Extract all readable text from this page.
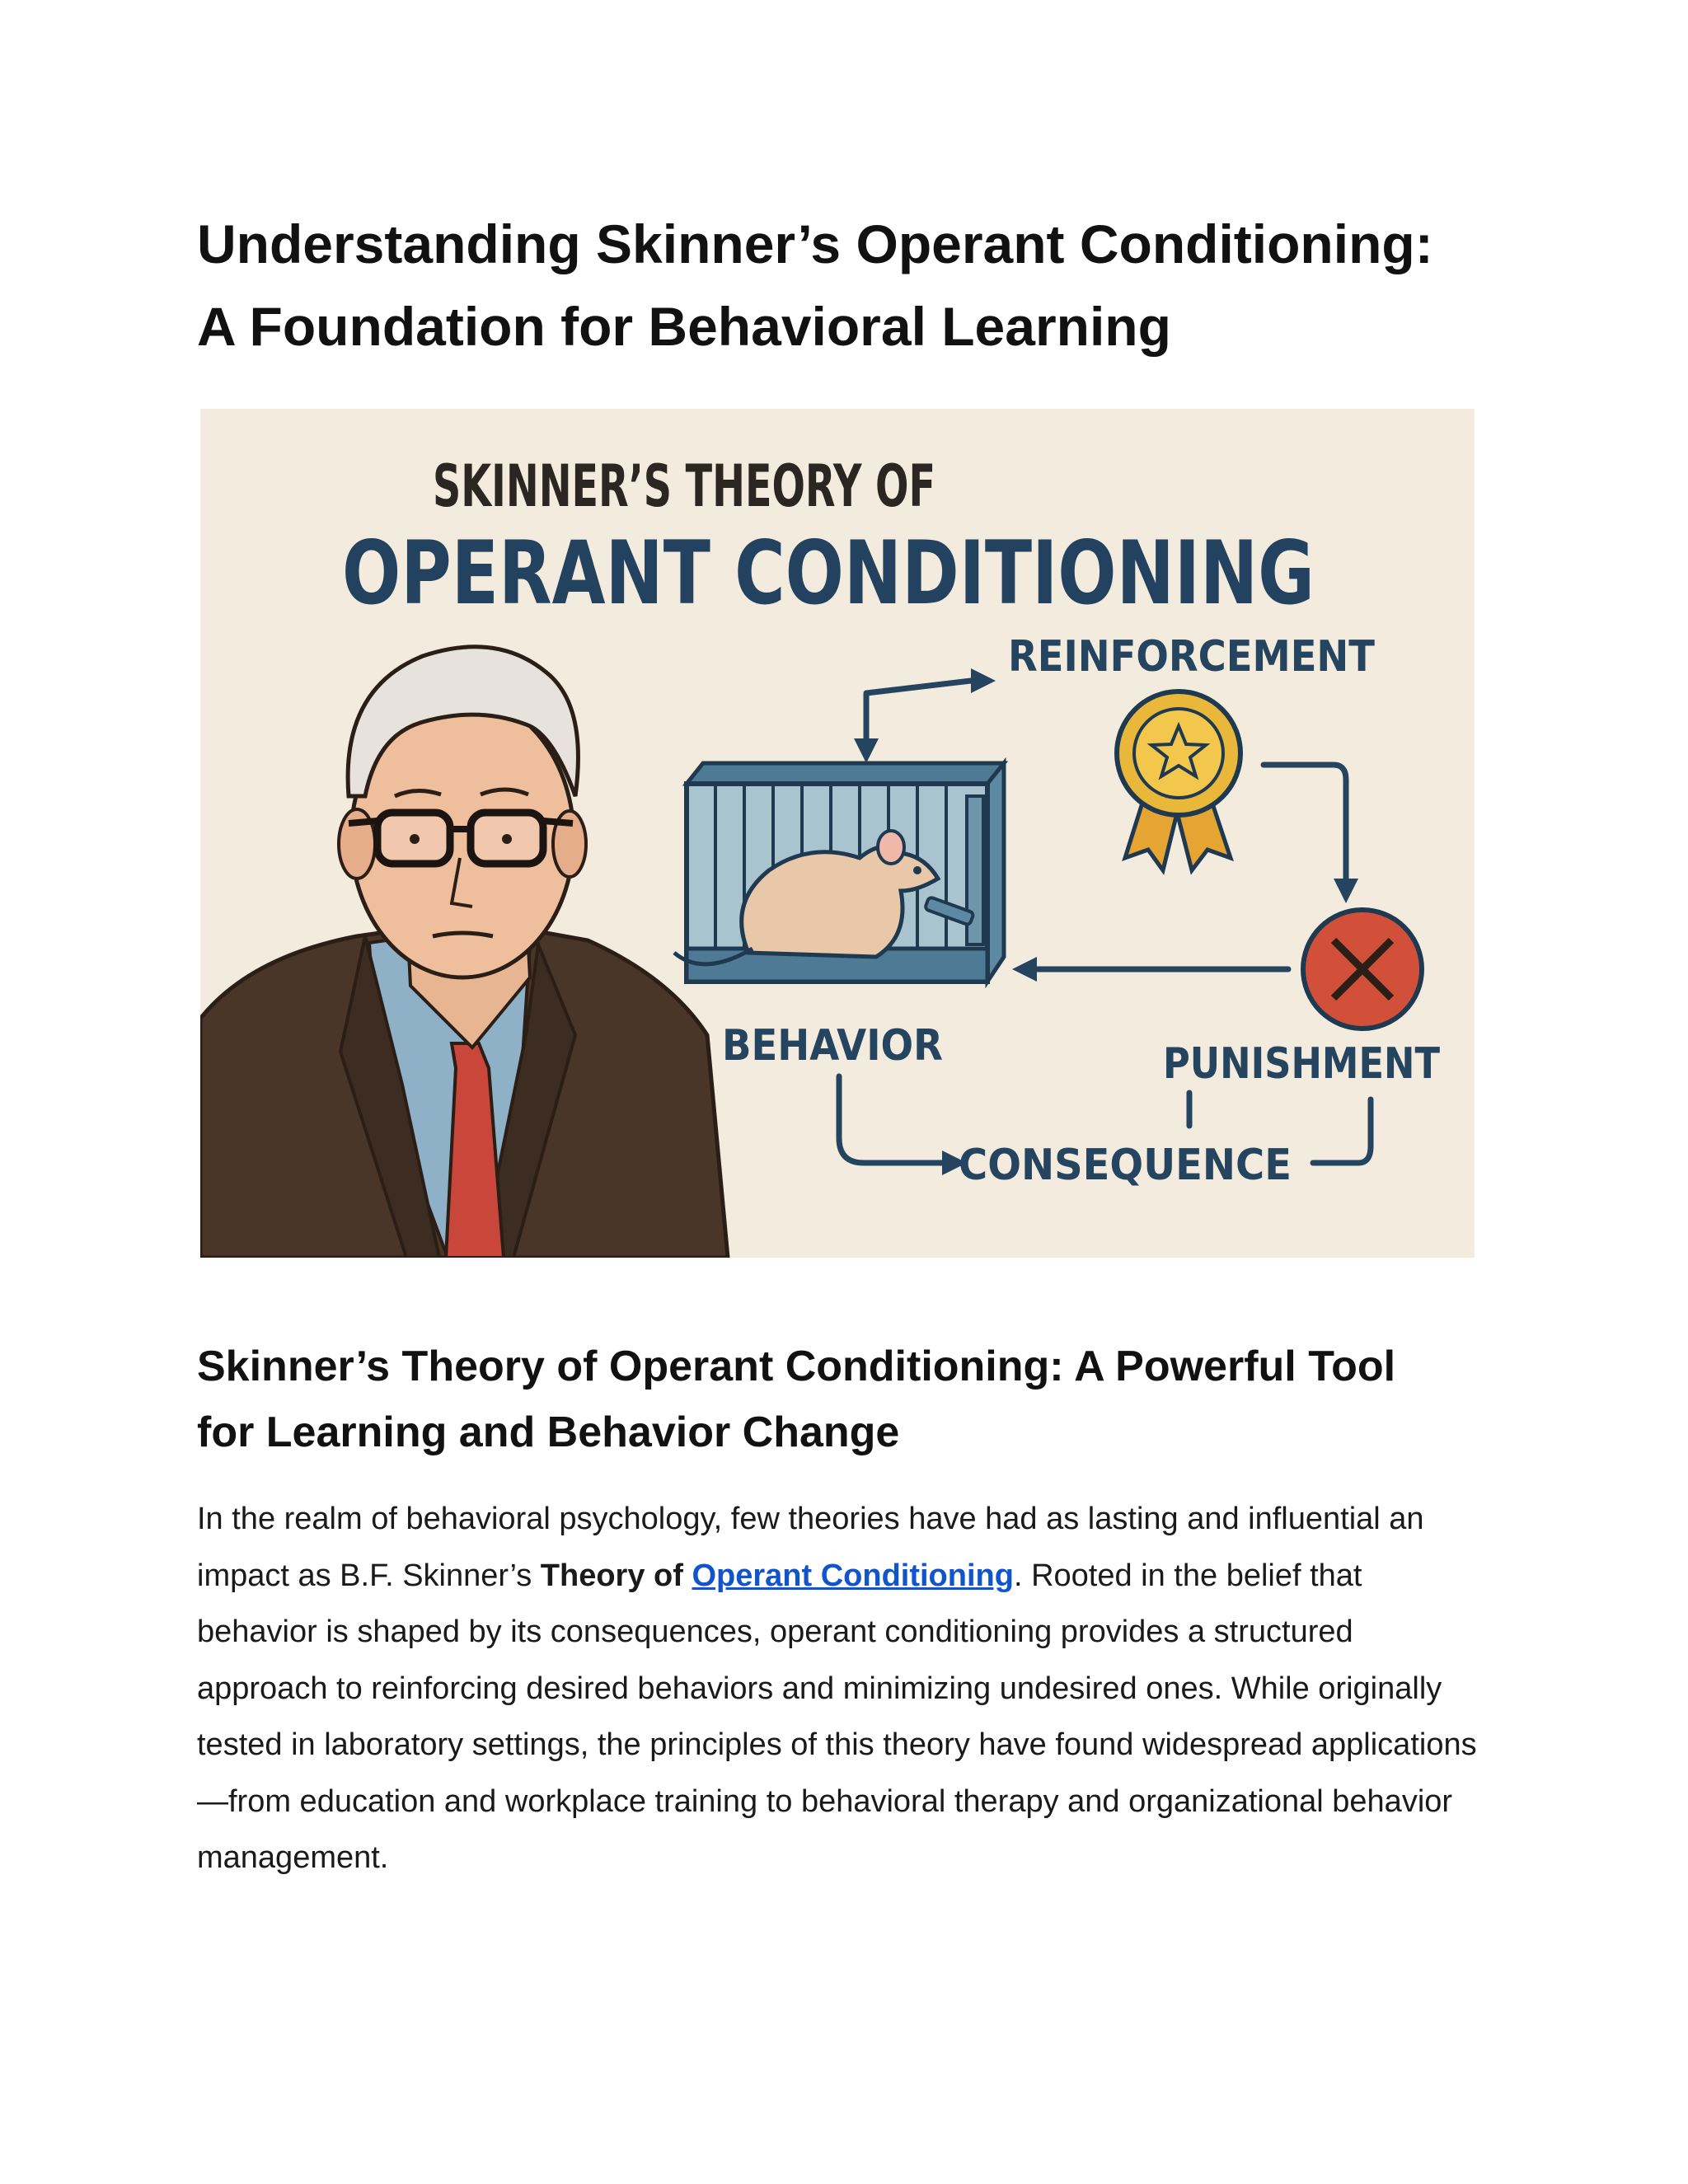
Understanding Skinner’s Operant Conditioning:
A Foundation for Behavioral Learning
SKINNER’S THEORY OF
OPERANT CONDITIONING
REINFORCEMENT
BEHAVIOR	PUNISHMENT
CONSEQUENCE
Skinner’s Theory of Operant Conditioning: A Powerful Tool
for Learning and Behavior Change

In the realm of behavioral psychology, few theories have had as lasting and influential an impact as B.F. Skinner’s Theory of Operant Conditioning. Rooted in the belief that behavior is shaped by its consequences, operant conditioning provides a structured approach to reinforcing desired behaviors and minimizing undesired ones. While originally tested in laboratory settings, the principles of this theory have found widespread applications—from education and workplace training to behavioral therapy and organizational behavior management.
